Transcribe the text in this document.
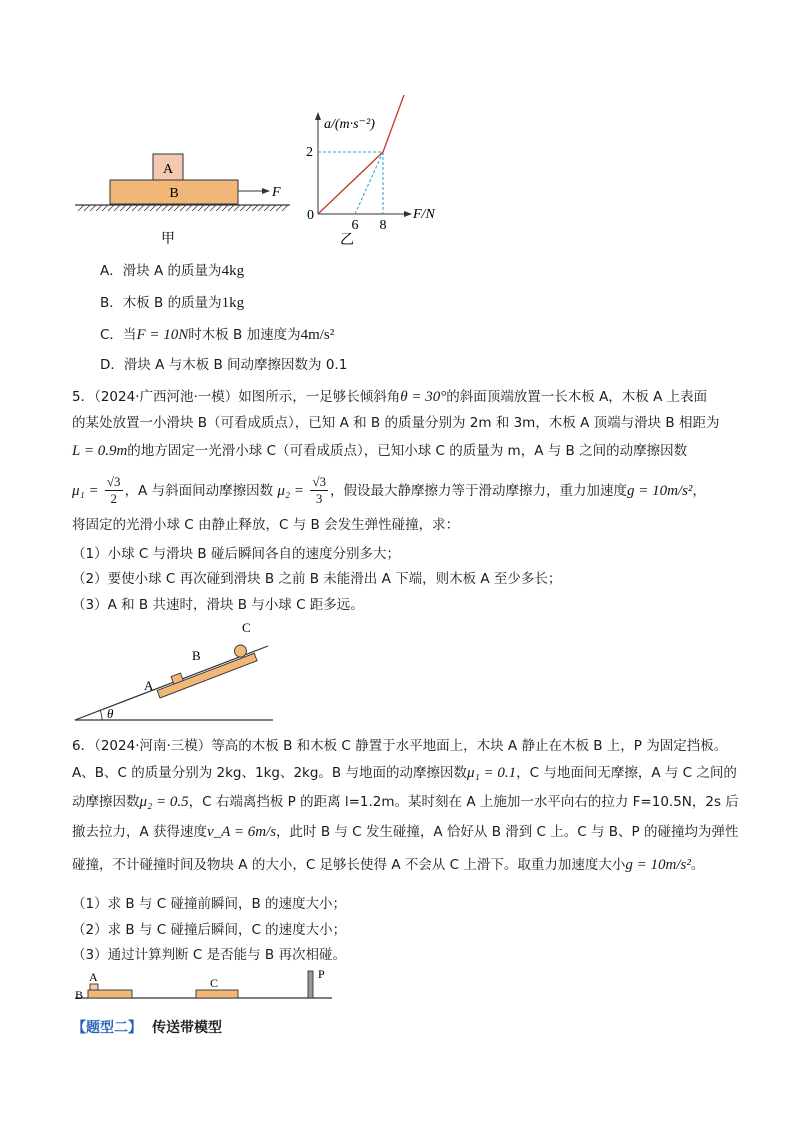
A
B	F
甲
a/(m·s⁻²)
F/N
0
2
6 8
乙
A．滑块 A 的质量为4kg
B．木板 B 的质量为1kg
C．当F = 10N时木板 B 加速度为4m/s²
D．滑块 A 与木板 B 间动摩擦因数为 0.1
5．（2024·广西河池·一模）如图所示，一足够长倾斜角θ = 30°的斜面顶端放置一长木板 A，木板 A 上表面
的某处放置一小滑块 B（可看成质点），已知 A 和 B 的质量分别为 2m 和 3m，木板 A 顶端与滑块 B 相距为
L = 0.9m的地方固定一光滑小球 C（可看成质点），已知小球 C 的质量为 m，A 与 B 之间的动摩擦因数
$\mu_1 = \frac{√3}{2}$ ，A 与斜面间动摩擦因数 $\mu_2 = \frac{√3}{3}$ ，假设最大静摩擦力等于滑动摩擦力，重力加速度g = 10m/s²，
将固定的光滑小球 C 由静止释放，C 与 B 会发生弹性碰撞，求：
（1）小球 C 与滑块 B 碰后瞬间各自的速度分别多大；
（2）要使小球 C 再次碰到滑块 B 之前 B 未能滑出 A 下端，则木板 A 至少多长；
（3）A 和 B 共速时，滑块 B 与小球 C 距多远。
θ
A
B
C
6．（2024·河南·三模）等高的木板 B 和木板 C 静置于水平地面上，木块 A 静止在木板 B 上，P 为固定挡板。
A、B、C 的质量分别为 2kg、1kg、2kg。B 与地面的动摩擦因数μ₁ = 0.1，C 与地面间无摩擦，A 与 C 之间的
动摩擦因数μ₂ = 0.5，C 右端离挡板 P 的距离 l=1.2m。某时刻在 A 上施加一水平向右的拉力 F=10.5N，2s 后
撤去拉力，A 获得速度v_A = 6m/s，此时 B 与 C 发生碰撞，A 恰好从 B 滑到 C 上。C 与 B、P 的碰撞均为弹性
碰撞，不计碰撞时间及物块 A 的大小，C 足够长使得 A 不会从 C 上滑下。取重力加速度大小g = 10m/s²。
（1）求 B 与 C 碰撞前瞬间，B 的速度大小；
（2）求 B 与 C 碰撞后瞬间，C 的速度大小；
（3）通过计算判断 C 是否能与 B 再次相碰。
A
B
C
P
【题型二】 传送带模型
